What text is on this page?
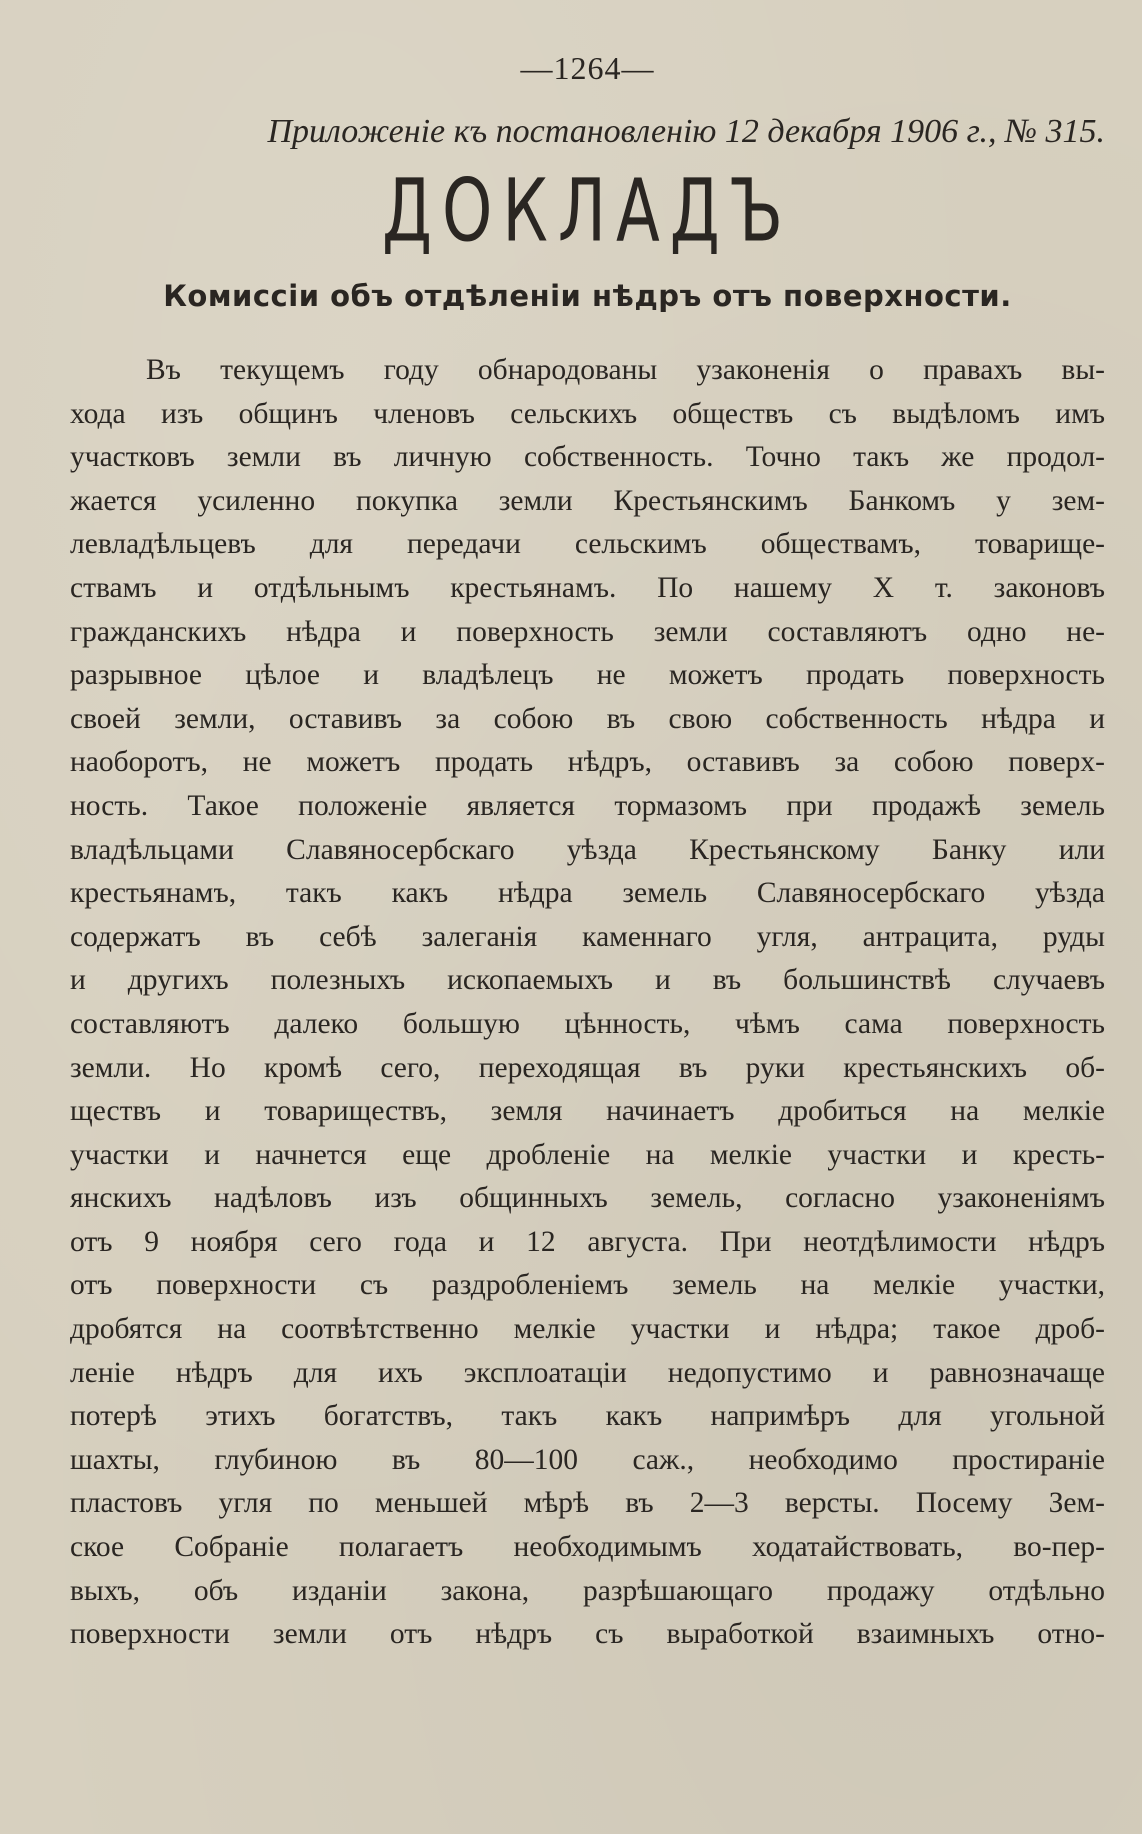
—1264—
Приложеніе къ постановленію 12 декабря 1906 г., № 315.
ДОКЛАДЪ
Комиссіи объ отдѣленіи нѣдръ отъ поверхности.
Въ текущемъ году обнародованы узаконенія о правахъ вы-
хода изъ общинъ членовъ сельскихъ обществъ съ выдѣломъ имъ
участковъ земли въ личную собственность. Точно такъ же продол-
жается усиленно покупка земли Крестьянскимъ Банкомъ у зем-
левладѣльцевъ для передачи сельскимъ обществамъ, товарище-
ствамъ и отдѣльнымъ крестьянамъ. По нашему X т. законовъ
гражданскихъ нѣдра и поверхность земли составляютъ одно не-
разрывное цѣлое и владѣлецъ не можетъ продать поверхность
своей земли, оставивъ за собою въ свою собственность нѣдра и
наоборотъ, не можетъ продать нѣдръ, оставивъ за собою поверх-
ность. Такое положеніе является тормазомъ при продажѣ земель
владѣльцами Славяносербскаго уѣзда Крестьянскому Банку или
крестьянамъ, такъ какъ нѣдра земель Славяносербскаго уѣзда
содержатъ въ себѣ залеганія каменнаго угля, антрацита, руды
и другихъ полезныхъ ископаемыхъ и въ большинствѣ случаевъ
составляютъ далеко большую цѣнность, чѣмъ сама поверхность
земли. Но кромѣ сего, переходящая въ руки крестьянскихъ об-
ществъ и товариществъ, земля начинаетъ дробиться на мелкіе
участки и начнется еще дробленіе на мелкіе участки и кресть-
янскихъ надѣловъ изъ общинныхъ земель, согласно узаконеніямъ
отъ 9 ноября сего года и 12 августа. При неотдѣлимости нѣдръ
отъ поверхности съ раздробленіемъ земель на мелкіе участки,
дробятся на соотвѣтственно мелкіе участки и нѣдра; такое дроб-
леніе нѣдръ для ихъ эксплоатаціи недопустимо и равнозначаще
потерѣ этихъ богатствъ, такъ какъ напримѣръ для угольной
шахты, глубиною въ 80—100 саж., необходимо простираніе
пластовъ угля по меньшей мѣрѣ въ 2—3 версты. Посему Зем-
ское Собраніе полагаетъ необходимымъ ходатайствовать, во-пер-
выхъ, объ изданіи закона, разрѣшающаго продажу отдѣльно
поверхности земли отъ нѣдръ съ выработкой взаимныхъ отно-
